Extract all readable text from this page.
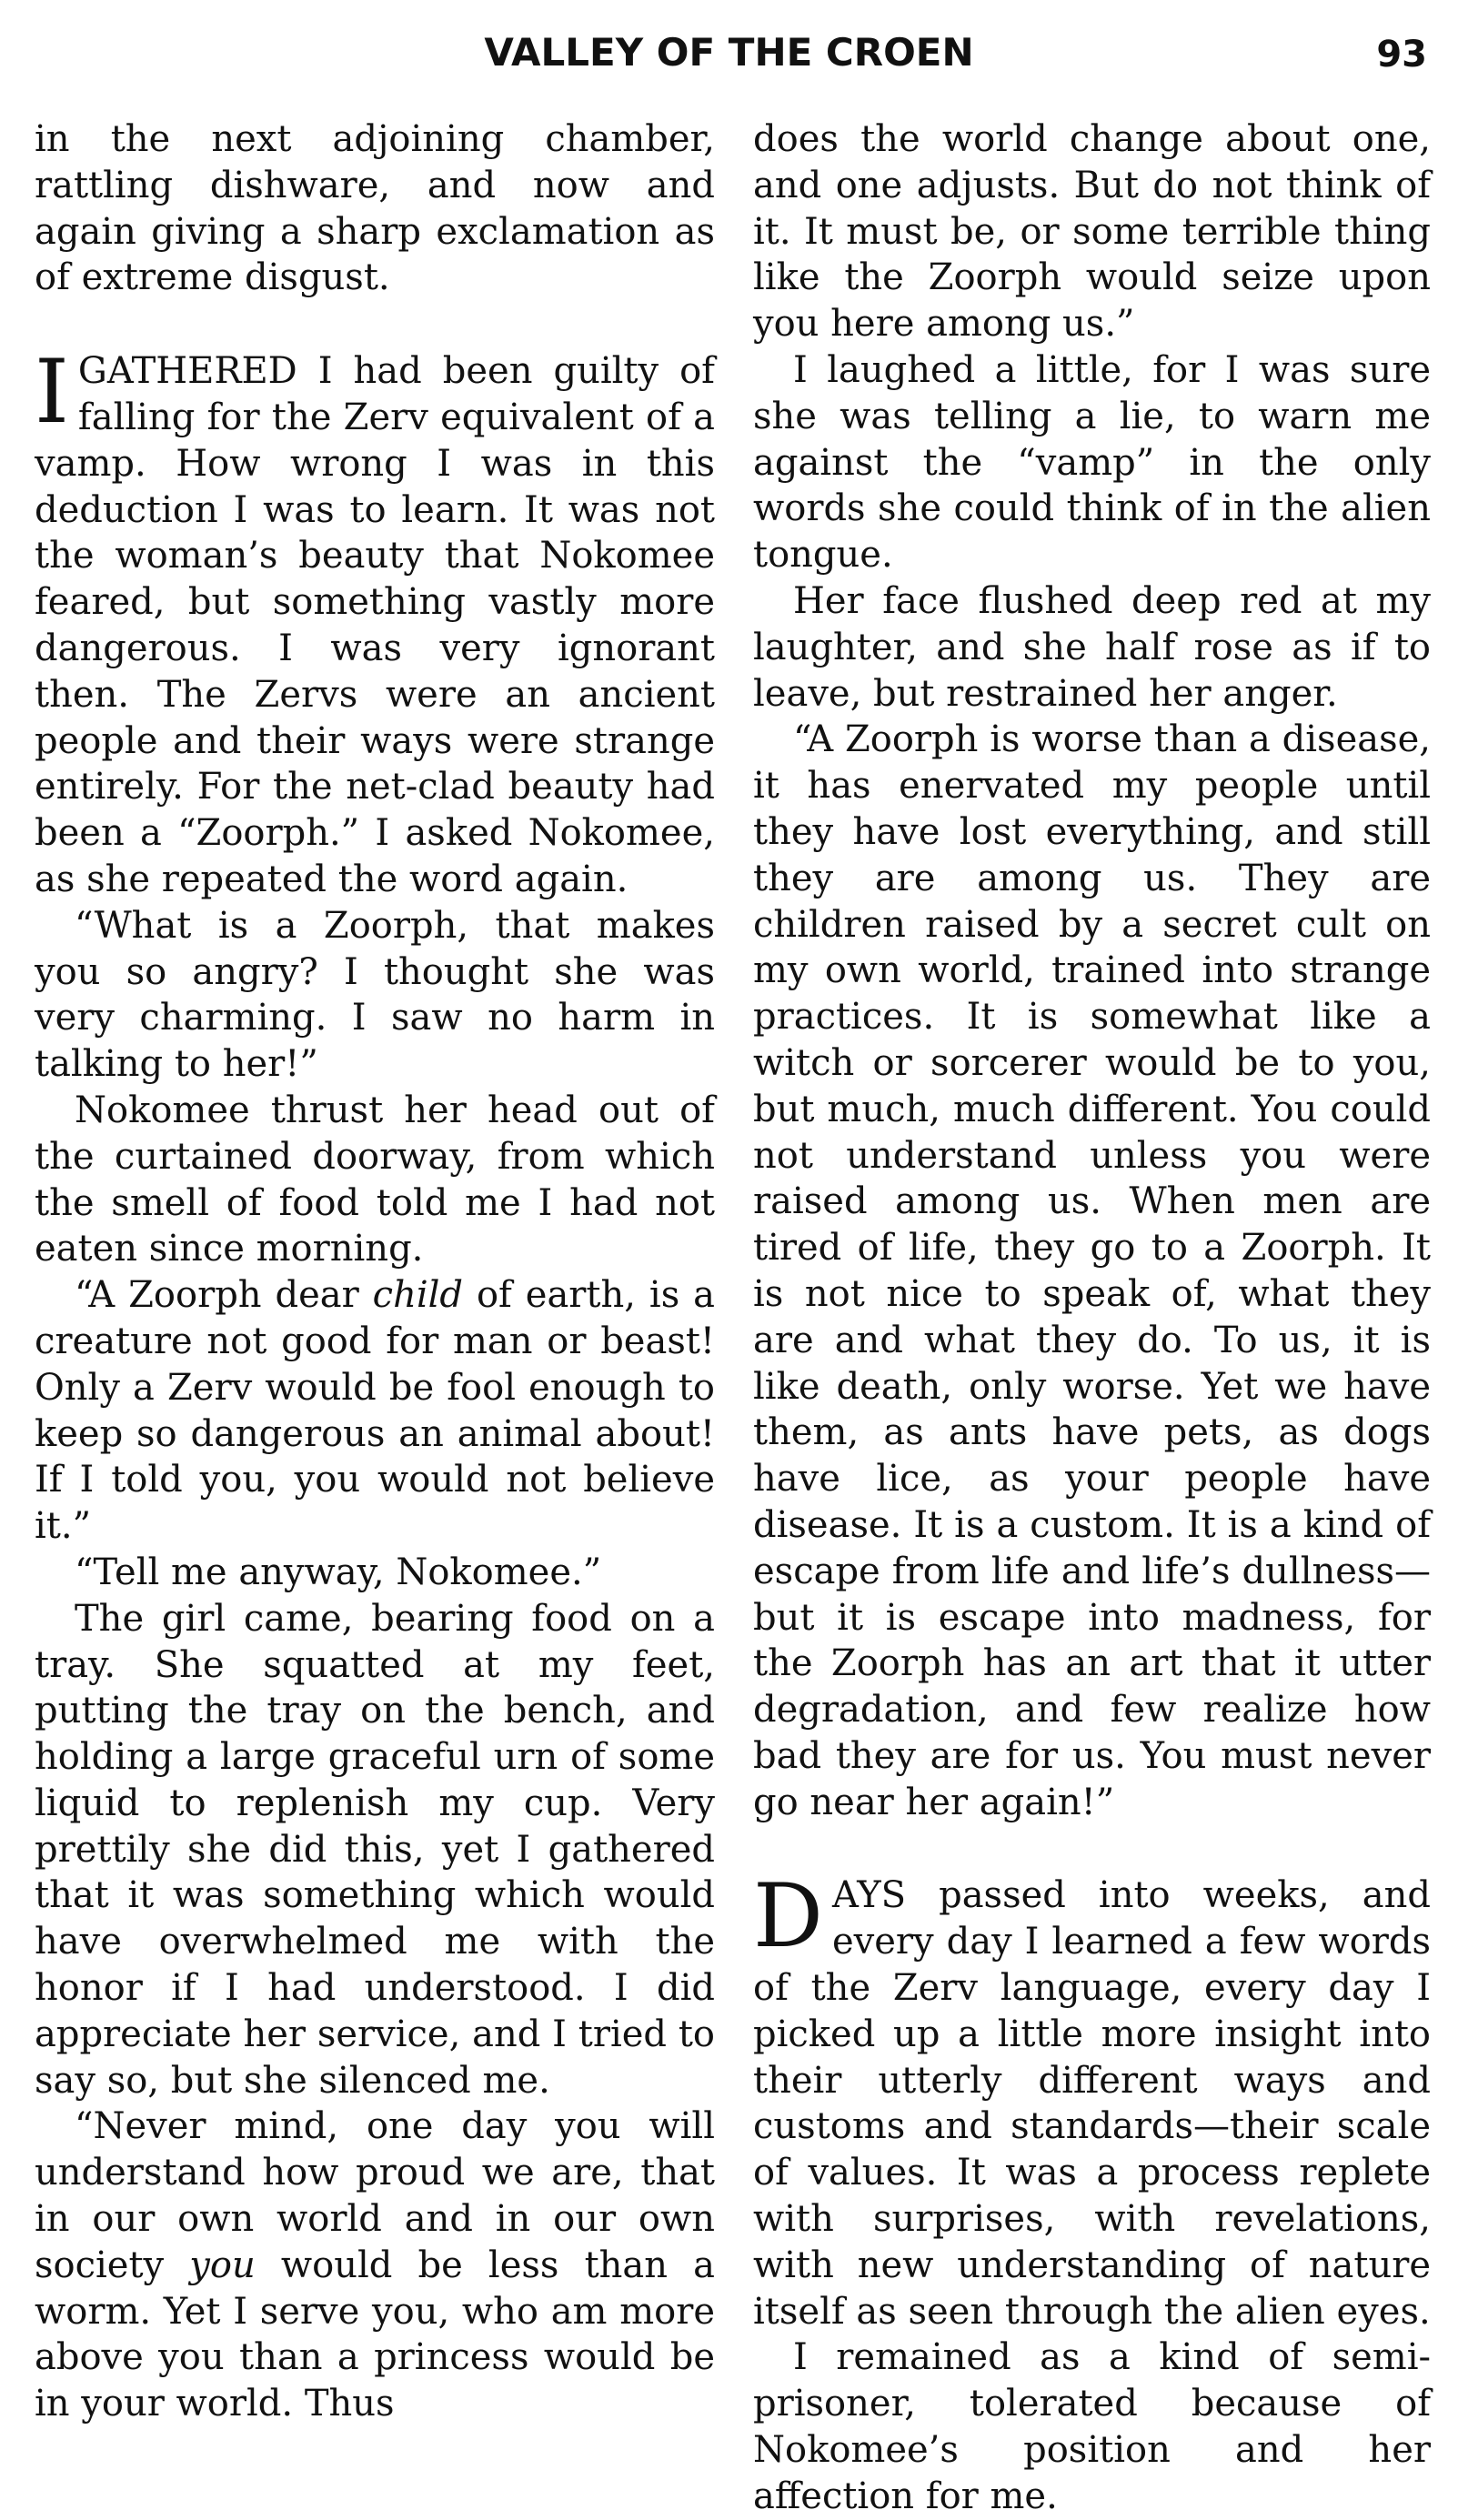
VALLEY OF THE CROEN	93

in the next adjoining chamber, rattling dishware, and now and again giving a sharp exclamation as of extreme disgust.

I GATHERED I had been guilty of falling for the Zerv equivalent of a vamp. How wrong I was in this deduction I was to learn. It was not the woman’s beauty that Nokomee feared, but something vastly more dangerous. I was very ignorant then. The Zervs were an ancient people and their ways were strange entirely. For the net-clad beauty had been a “Zoorph.” I asked Nokomee, as she repeated the word again.

“What is a Zoorph, that makes you so angry? I thought she was very charming. I saw no harm in talking to her!”

Nokomee thrust her head out of the curtained doorway, from which the smell of food told me I had not eaten since morning.

“A Zoorph dear child of earth, is a creature not good for man or beast! Only a Zerv would be fool enough to keep so dangerous an animal about! If I told you, you would not believe it.”

“Tell me anyway, Nokomee.”

The girl came, bearing food on a tray. She squatted at my feet, putting the tray on the bench, and holding a large graceful urn of some liquid to replenish my cup. Very prettily she did this, yet I gathered that it was something which would have overwhelmed me with the honor if I had understood. I did appreciate her service, and I tried to say so, but she silenced me.

“Never mind, one day you will understand how proud we are, that in our own world and in our own society you would be less than a worm. Yet I serve you, who am more above you than a princess would be in your world. Thus

does the world change about one, and one adjusts. But do not think of it. It must be, or some terrible thing like the Zoorph would seize upon you here among us.”

I laughed a little, for I was sure she was telling a lie, to warn me against the “vamp” in the only words she could think of in the alien tongue.

Her face flushed deep red at my laughter, and she half rose as if to leave, but restrained her anger.

“A Zoorph is worse than a disease, it has enervated my people until they have lost everything, and still they are among us. They are children raised by a secret cult on my own world, trained into strange practices. It is somewhat like a witch or sorcerer would be to you, but much, much different. You could not understand unless you were raised among us. When men are tired of life, they go to a Zoorph. It is not nice to speak of, what they are and what they do. To us, it is like death, only worse. Yet we have them, as ants have pets, as dogs have lice, as your people have disease. It is a custom. It is a kind of escape from life and life’s dullness—but it is escape into madness, for the Zoorph has an art that it utter degradation, and few realize how bad they are for us. You must never go near her again!”

DAYS passed into weeks, and every day I learned a few words of the Zerv language, every day I picked up a little more insight into their utterly different ways and customs and standards—their scale of values. It was a process replete with surprises, with revelations, with new understanding of nature itself as seen through the alien eyes.

I remained as a kind of semi-prisoner, tolerated because of Nokomee’s position and her affection for me.
